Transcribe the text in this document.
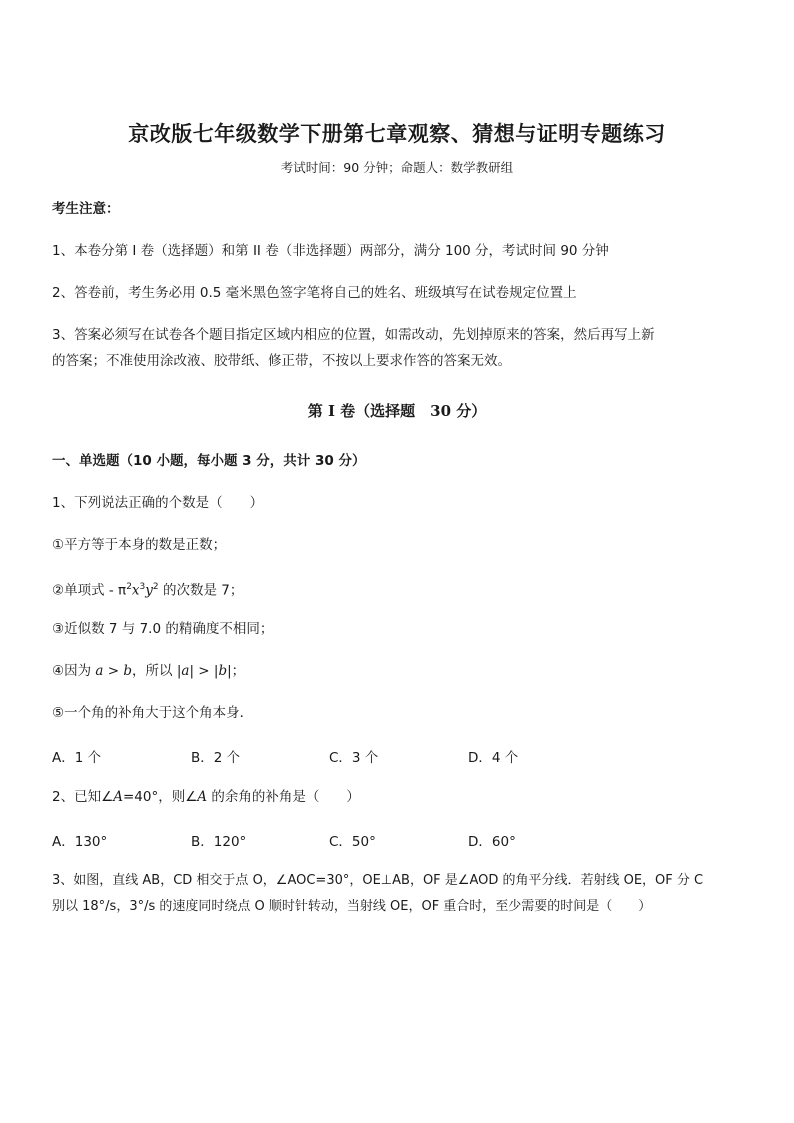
京改版七年级数学下册第七章观察、猜想与证明专题练习
考试时间：90 分钟；命题人：数学教研组
考生注意：
1、本卷分第 I 卷（选择题）和第 II 卷（非选择题）两部分，满分 100 分，考试时间 90 分钟
2、答卷前，考生务必用 0.5 毫米黑色签字笔将自己的姓名、班级填写在试卷规定位置上
3、答案必须写在试卷各个题目指定区域内相应的位置，如需改动，先划掉原来的答案，然后再写上新
的答案；不准使用涂改液、胶带纸、修正带，不按以上要求作答的答案无效。
第 I 卷（选择题　30 分）
一、单选题（10 小题，每小题 3 分，共计 30 分）
1、下列说法正确的个数是（　　）
①平方等于本身的数是正数；
②单项式 - $\pi^2x^3y^2$ 的次数是 7；
③近似数 7 与 7.0 的精确度不相同；
④因为 a > b，所以 |a| > |b|；
⑤一个角的补角大于这个角本身．
A．1 个	B．2 个	C．3 个	D．4 个
2、已知∠A=40°，则∠A 的余角的补角是（　　）
A．130°	B．120°	C．50°	D．60°
3、如图，直线 AB，CD 相交于点 O，∠AOC=30°，OE⊥AB，OF 是∠AOD 的角平分线．若射线 OE，OF 分 C
别以 18°/s，3°/s 的速度同时绕点 O 顺时针转动，当射线 OE，OF 重合时，至少需要的时间是（　　）
